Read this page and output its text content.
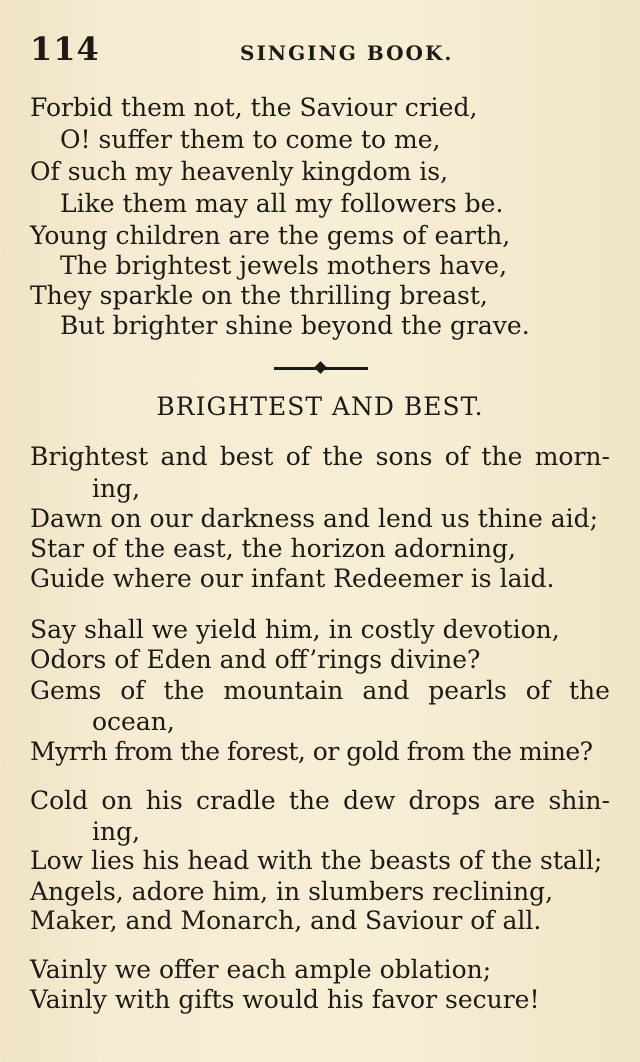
114	SINGING BOOK.
Forbid them not, the Saviour cried,
O! suffer them to come to me,
Of such my heavenly kingdom is,
Like them may all my followers be.
Young children are the gems of earth,
The brightest jewels mothers have,
They sparkle on the thrilling breast,
But brighter shine beyond the grave.
BRIGHTEST AND BEST.
Brightest and best of the sons of the morn-
ing,
Dawn on our darkness and lend us thine aid;
Star of the east, the horizon adorning,
Guide where our infant Redeemer is laid.
Say shall we yield him, in costly devotion,
Odors of Eden and off’rings divine?
Gems of the mountain and pearls of the
ocean,
Myrrh from the forest, or gold from the mine?
Cold on his cradle the dew drops are shin-
ing,
Low lies his head with the beasts of the stall;
Angels, adore him, in slumbers reclining,
Maker, and Monarch, and Saviour of all.
Vainly we offer each ample oblation;
Vainly with gifts would his favor secure!
